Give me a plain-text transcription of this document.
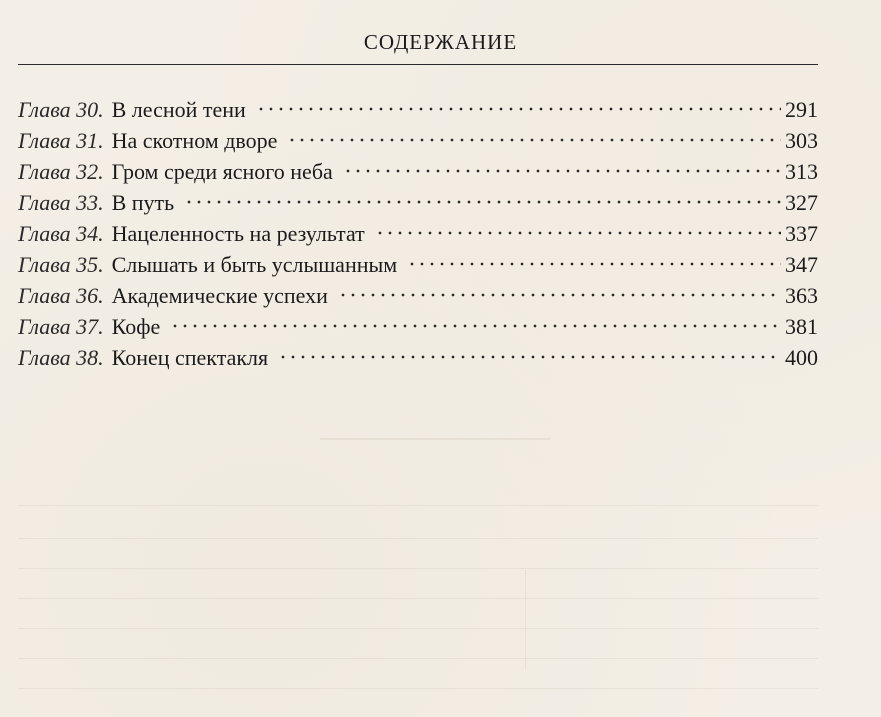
СОДЕРЖАНИЕ
Глава 30. В лесной тени	291
Глава 31. На скотном дворе	303
Глава 32. Гром среди ясного неба	313
Глава 33. В путь	327
Глава 34. Нацеленность на результат	337
Глава 35. Слышать и быть услышанным	347
Глава 36. Академические успехи	363
Глава 37. Кофе	381
Глава 38. Конец спектакля	400
